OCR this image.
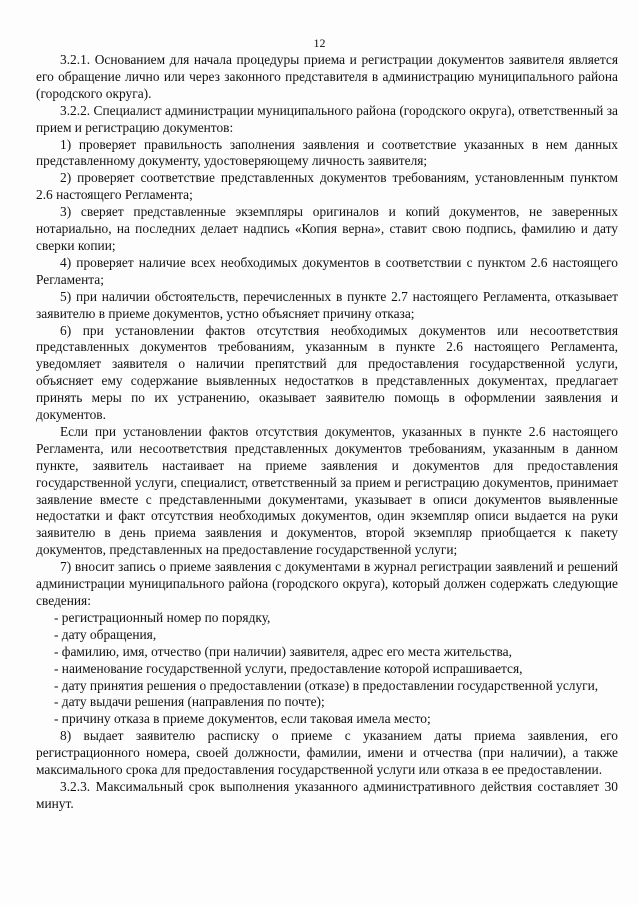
12

3.2.1. Основанием для начала процедуры приема и регистрации документов заявителя является его обращение лично или через законного представителя в администрацию муниципального района (городского округа).

3.2.2. Специалист администрации муниципального района (городского округа), ответственный за прием и регистрацию документов:

1) проверяет правильность заполнения заявления и соответствие указанных в нем данных представленному документу, удостоверяющему личность заявителя;

2) проверяет соответствие представленных документов требованиям, установленным пунктом 2.6 настоящего Регламента;

3) сверяет представленные экземпляры оригиналов и копий документов, не заверенных нотариально, на последних делает надпись «Копия верна», ставит свою подпись, фамилию и дату сверки копии;

4) проверяет наличие всех необходимых документов в соответствии с пунктом 2.6 настоящего Регламента;

5) при наличии обстоятельств, перечисленных в пункте 2.7 настоящего Регламента, отказывает заявителю в приеме документов, устно объясняет причину отказа;

6) при установлении фактов отсутствия необходимых документов или несоответствия представленных документов требованиям, указанным в пункте 2.6 настоящего Регламента, уведомляет заявителя о наличии препятствий для предоставления государственной услуги, объясняет ему содержание выявленных недостатков в представленных документах, предлагает принять меры по их устранению, оказывает заявителю помощь в оформлении заявления и документов.

Если при установлении фактов отсутствия документов, указанных в пункте 2.6 настоящего Регламента, или несоответствия представленных документов требованиям, указанным в данном пункте, заявитель настаивает на приеме заявления и документов для предоставления государственной услуги, специалист, ответственный за прием и регистрацию документов, принимает заявление вместе с представленными документами, указывает в описи документов выявленные недостатки и факт отсутствия необходимых документов, один экземпляр описи выдается на руки заявителю в день приема заявления и документов, второй экземпляр приобщается к пакету документов, представленных на предоставление государственной услуги;

7) вносит запись о приеме заявления с документами в журнал регистрации заявлений и решений администрации муниципального района (городского округа), который должен содержать следующие сведения:

- регистрационный номер по порядку,

- дату обращения,

- фамилию, имя, отчество (при наличии) заявителя, адрес его места жительства,

- наименование государственной услуги, предоставление которой испрашивается,

- дату принятия решения о предоставлении (отказе) в предоставлении государственной услуги,

- дату выдачи решения (направления по почте);

- причину отказа в приеме документов, если таковая имела место;

8) выдает заявителю расписку о приеме с указанием даты приема заявления, его регистрационного номера, своей должности, фамилии, имени и отчества (при наличии), а также максимального срока для предоставления государственной услуги или отказа в ее предоставлении.

3.2.3. Максимальный срок выполнения указанного административного действия составляет 30 минут.
